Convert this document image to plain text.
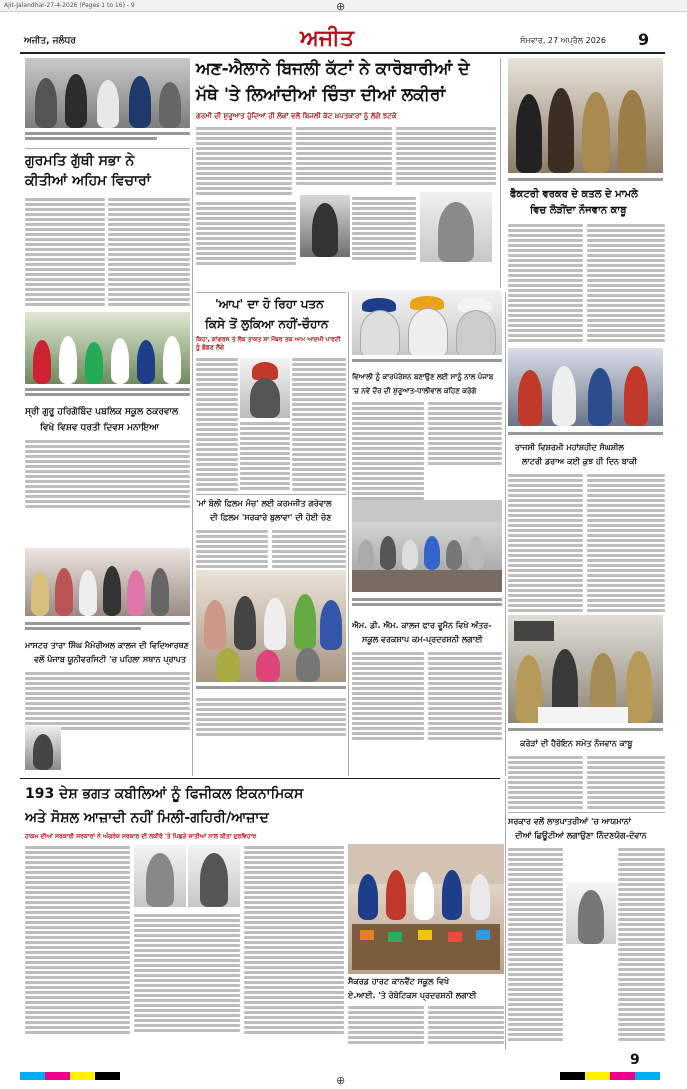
Ajit-Jalandhar-27-4-2026 (Pages 1 to 16) - 9	⊕
ਅਜੀਤ, ਜਲੰਧਰ	ਅਜੀਤ	ਸੋਮਵਾਰ, 27 ਅਪ੍ਰੈਲ 2026 9
ਅਣ-ਐਲਾਨੇ ਬਿਜਲੀ ਕੱਟਾਂ ਨੇ ਕਾਰੋਬਾਰੀਆਂ ਦੇ
ਮੱਥੇ 'ਤੇ ਲਿਆਂਦੀਆਂ ਚਿੰਤਾ ਦੀਆਂ ਲਕੀਰਾਂ
ਗਰਮੀ ਦੀ ਸ਼ੁਰੂਆਤ ਹੁੰਦਿਆਂ ਹੀ ਲੋਕਾਂ ਵਲੋਂ ਬਿਜਲੀ ਕੱਟ ਖ਼ਪਤਕਾਰਾਂ ਨੂੰ ਲੱਗੇ ਝਟਕੇ
ਗੁਰਮਤਿ ਗੁੱਥੀ ਸਭਾ ਨੇ
ਕੀਤੀਆਂ ਅਹਿਮ ਵਿਚਾਰਾਂ
ਸ੍ਰੀ ਗੁਰੂ ਹਰਿਗੋਬਿੰਦ ਪਬਲਿਕ ਸਕੂਲ ਠਕਰਵਾਲ
ਵਿਖੇ ਵਿਸ਼ਵ ਧਰਤੀ ਦਿਵਸ ਮਨਾਇਆ
ਮਾਸਟਰ ਤਾਰਾ ਸਿੰਘ ਮੈਮੋਰੀਅਲ ਕਾਲਜ ਦੀ ਵਿਦਿਆਰਥਣ
ਵਲੋਂ ਪੰਜਾਬ ਯੂਨੀਵਰਸਿਟੀ 'ਚ ਪਹਿਲਾ ਸਥਾਨ ਪ੍ਰਾਪਤ
'ਆਪ' ਦਾ ਹੋ ਰਿਹਾ ਪਤਨ
ਕਿਸੇ ਤੋਂ ਲੁਕਿਆ ਨਹੀਂ-ਚੌਹਾਨ
ਕਿਹਾ, ਕਾਂਗਰਸ ਤੇ ਲੋਕ ਤਾਕਤ ਸ਼ਾ ਮੈਂਬਰ ਤਕ ਆਮ ਆਦਮੀ ਪਾਰਟੀ ਨੂੰ ਛੱਡਣ ਲੱਗੇ
'ਮਾਂ ਬੋਲੀ ਫ਼ਿਲਮ ਮੰਚ' ਲਈ ਕਰਮਜੀਤ ਗਰੇਵਾਲ
ਦੀ ਫ਼ਿਲਮ 'ਸਰਕਾਰੇ ਬੁਲਾਵਾ' ਦੀ ਹੋਈ ਚੋਣ
ਵਿਆਲੀ ਨੂੰ ਕਾਰਪੋਰੇਸ਼ਨ ਬਣਾਉਣ ਲਈ ਸਾਨੂੰ ਨਾਲ ਪੰਜਾਬ
'ਚ ਨਵੇਂ ਦੌਰ ਦੀ ਸ਼ੁਰੂਆਤ-ਧਾਲੀਵਾਲ ਕਹਿਣ ਕਰੇਗੇ
ਐਮ. ਡੀ. ਐਮ. ਕਾਲਜ ਫਾਰ ਵੂਮੈਨ ਵਿਖੇ ਅੰਤਰ-
ਸਕੂਲ ਵਰਕਸ਼ਾਪ ਕਮ-ਪ੍ਰਦਰਸ਼ਨੀ ਲਗਾਈ
ਫੈਕਟਰੀ ਵਰਕਰ ਦੇ ਕਤਲ ਦੇ ਮਾਮਲੇ
ਵਿਚ ਲੋੜੀਂਦਾ ਨੌਜਵਾਨ ਕਾਬੂ
ਰਾਜਸੀ ਵਿਸ਼ਰਮੀ ਮਹਾਂਸ਼ਹੀਦ ਸੰਘਸ਼ੀਲ
ਲਾਟਰੀ ਡਰਾਅ ਕਈ ਕੁਝ ਹੀ ਦਿਨ ਬਾਕੀ
ਕਰੋੜਾਂ ਦੀ ਹੈਰੋਇਨ ਸਮੇਤ ਨੌਜਵਾਨ ਕਾਬੂ
ਸਰਕਾਰ ਵਲੋਂ ਲਾਭਪਾਤਰੀਆਂ 'ਚ ਆਯਮਾਨਾਂ
ਦੀਆਂ ਛਿਊਟੀਆਂ ਲਗਾਉਣਾ ਨਿੰਦਣਯੋਗ-ਦੋਵਾਨ
193 ਦੇਸ਼ ਭਗਤ ਕਬੀਲਿਆਂ ਨੂੰ ਫਿਜੀਕਲ ਇਕਨਾਮਿਕਸ
ਅਤੇ ਸੋਸ਼ਲ ਆਜ਼ਾਦੀ ਨਹੀਂ ਮਿਲੀ-ਗਹਿਰੀ/ਆਜ਼ਾਦ
ਹਾਕਮ ਦੀਆਂ ਸਰਕਾਰੀ ਸਰਕਾਰਾਂ ਨੇ ਅੰਗਰੇਜ਼ ਸਰਕਾਰ ਦੀ ਲਕੀਰੋ 'ਤੇ ਪਿਛੜੇ ਜਾਤੀਆਂ ਨਾਲ ਕੀਤਾ ਦੁਰਵਿਹਾਰ
ਸੈਕਰਡ ਹਾਰਟ ਕਾਨਵੈਂਟ ਸਕੂਲ ਵਿਖੇ
ਏ.ਆਈ. 'ਤੇ ਰੋਬੋਟਿਕਸ ਪ੍ਰਦਰਸ਼ਨੀ ਲਗਾਈ
9
⊕
